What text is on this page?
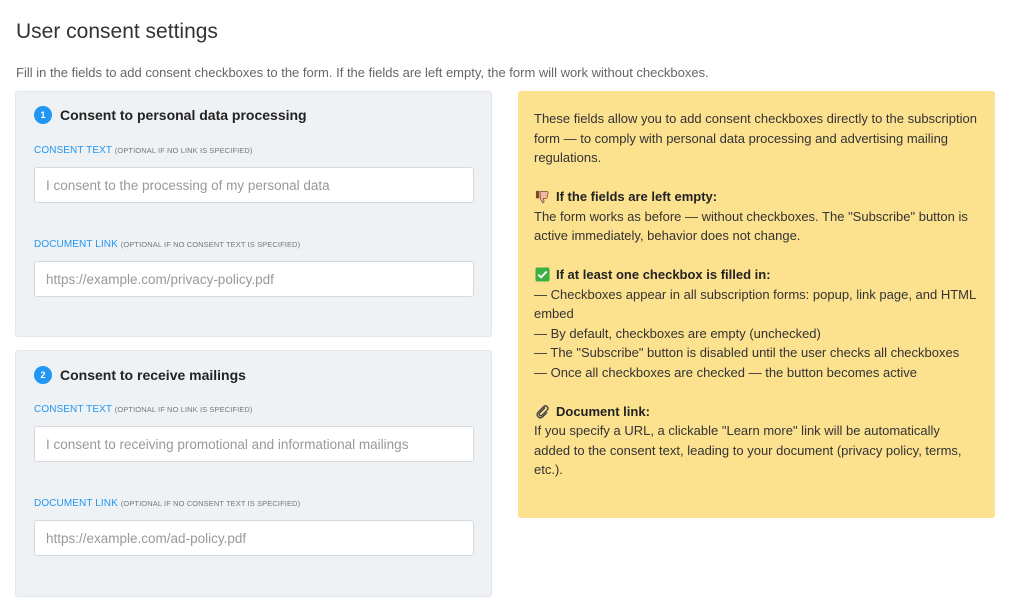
User consent settings

Fill in the fields to add consent checkboxes to the form. If the fields are left empty, the form will work without checkboxes.

1	Consent to personal data processing
CONSENT TEXT (OPTIONAL IF NO LINK IS SPECIFIED)
I consent to the processing of my personal data
DOCUMENT LINK (OPTIONAL IF NO CONSENT TEXT IS SPECIFIED)
https://example.com/privacy-policy.pdf
2	Consent to receive mailings
CONSENT TEXT (OPTIONAL IF NO LINK IS SPECIFIED)
I consent to receiving promotional and informational mailings
DOCUMENT LINK (OPTIONAL IF NO CONSENT TEXT IS SPECIFIED)
https://example.com/ad-policy.pdf

These fields allow you to add consent checkboxes directly to the subscription form — to comply with personal data processing and advertising mailing regulations.

If the fields are left empty:

The form works as before — without checkboxes. The "Subscribe" button is active immediately, behavior does not change.

If at least one checkbox is filled in:

— Checkboxes appear in all subscription forms: popup, link page, and HTML embed

— By default, checkboxes are empty (unchecked)

— The "Subscribe" button is disabled until the user checks all checkboxes

— Once all checkboxes are checked — the button becomes active

Document link:

If you specify a URL, a clickable "Learn more" link will be automatically added to the consent text, leading to your document (privacy policy, terms, etc.).
